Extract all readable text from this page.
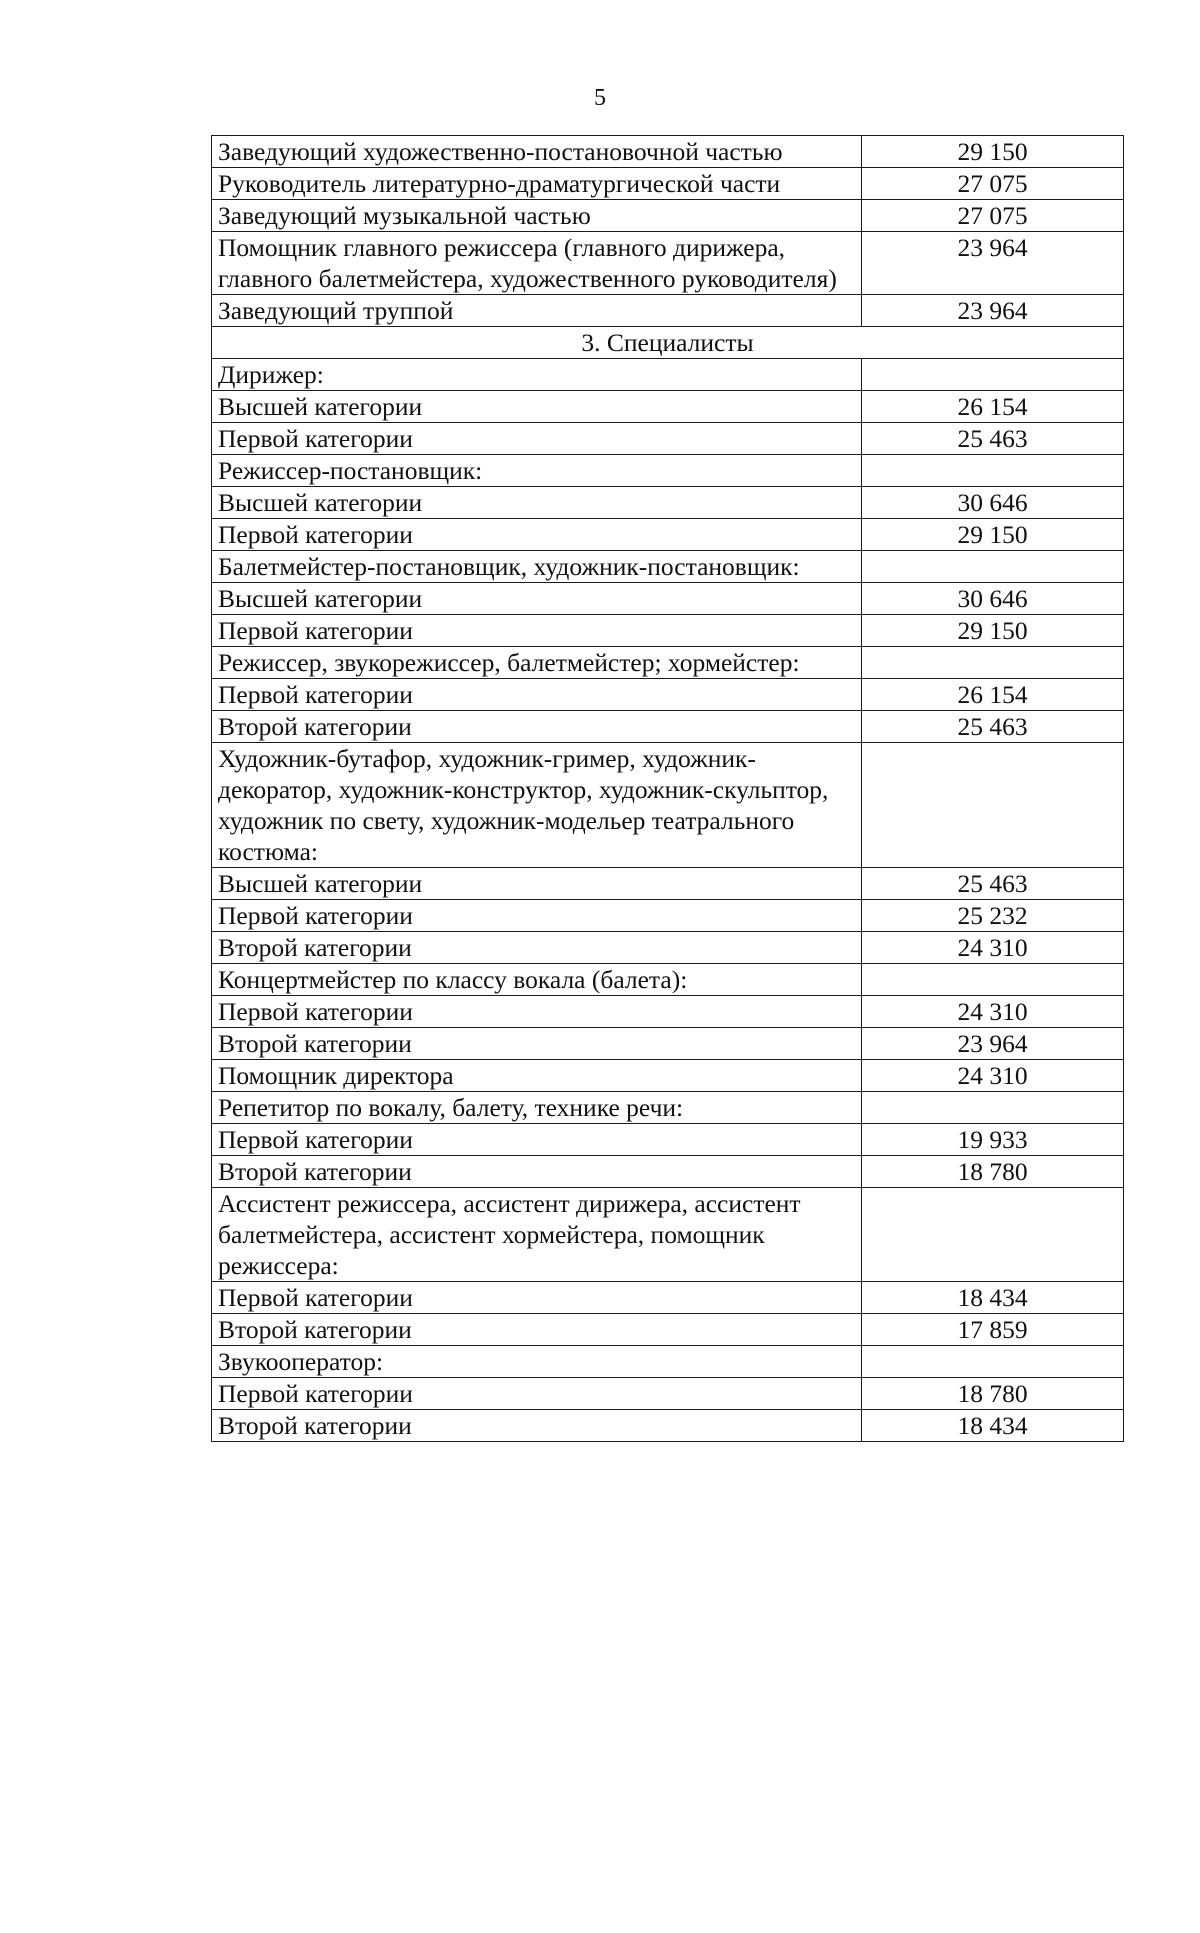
5
Заведующий художественно-постановочной частью	29 150
Руководитель литературно-драматургической части	27 075
Заведующий музыкальной частью	27 075
Помощник главного режиссера (главного дирижера, главного балетмейстера, художественного руководителя)	23 964
Заведующий труппой	23 964
3. Специалисты	
Дирижер:	
Высшей категории	26 154
Первой категории	25 463
Режиссер-постановщик:	
Высшей категории	30 646
Первой категории	29 150
Балетмейстер-постановщик, художник-постановщик:	
Высшей категории	30 646
Первой категории	29 150
Режиссер, звукорежиссер, балетмейстер; хормейстер:	
Первой категории	26 154
Второй категории	25 463
Художник-бутафор, художник-гример, художник-декоратор, художник-конструктор, художник-скульптор, художник по свету, художник-модельер театрального костюма:	
Высшей категории	25 463
Первой категории	25 232
Второй категории	24 310
Концертмейстер по классу вокала (балета):	
Первой категории	24 310
Второй категории	23 964
Помощник директора	24 310
Репетитор по вокалу, балету, технике речи:	
Первой категории	19 933
Второй категории	18 780
Ассистент режиссера, ассистент дирижера, ассистент балетмейстера, ассистент хормейстера, помощник режиссера:	
Первой категории	18 434
Второй категории	17 859
Звукооператор:	
Первой категории	18 780
Второй категории	18 434
